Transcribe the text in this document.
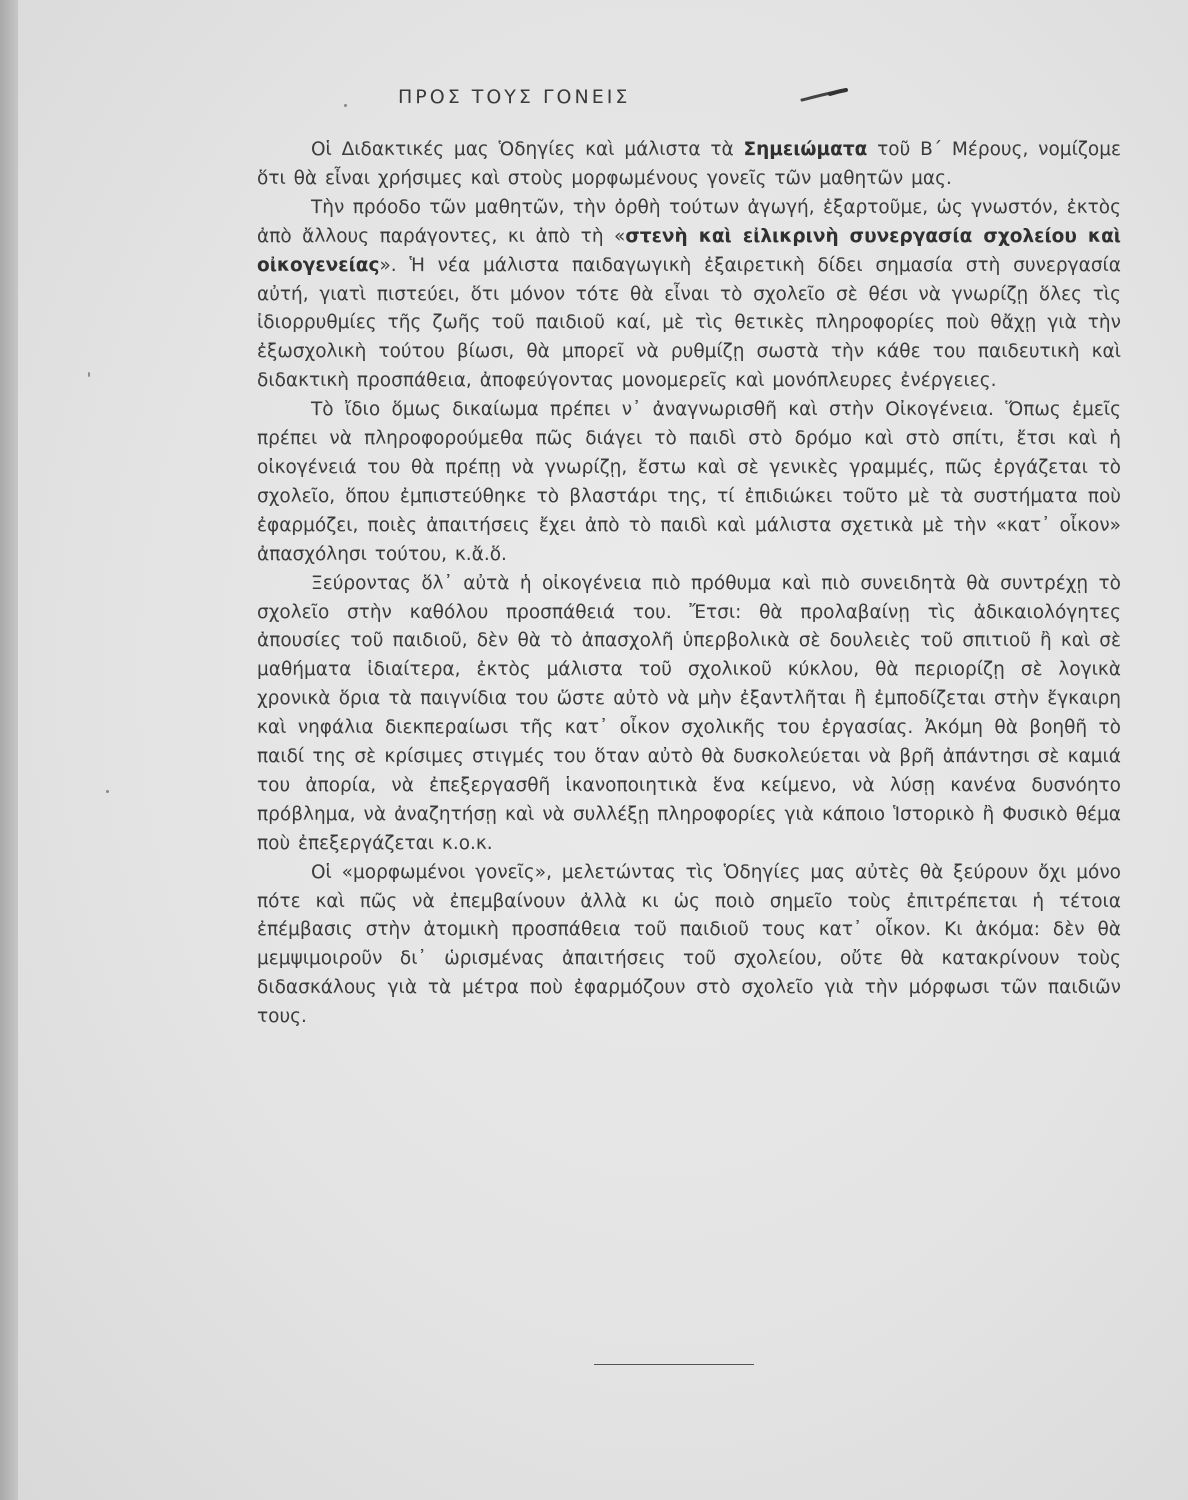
ΠΡΟΣ ΤΟΥΣ ΓΟΝΕΙΣ

Οἱ Διδακτικές μας Ὁδηγίες καὶ μάλιστα τὰ Σημειώματα τοῦ Β΄ Μέρους, νομίζομε ὅτι θὰ εἶναι χρήσιμες καὶ στοὺς μορφωμένους γονεῖς τῶν μαθητῶν μας.

Τὴν πρόοδο τῶν μαθητῶν, τὴν ὀρθὴ τούτων ἀγωγή, ἐξαρτοῦμε, ὡς γνωστόν, ἐκτὸς ἀπὸ ἄλλους παράγοντες, κι ἀπὸ τὴ «στενὴ καὶ εἰλικρινὴ συνεργασία σχολείου καὶ οἰκογενείας». Ἡ νέα μάλιστα παιδαγωγικὴ ἐξαιρετικὴ δίδει σημασία στὴ συνεργασία αὐτή, γιατὶ πιστεύει, ὅτι μόνον τότε θὰ εἶναι τὸ σχολεῖο σὲ θέσι νὰ γνωρίζῃ ὅλες τὶς ἰδιορρυθμίες τῆς ζωῆς τοῦ παιδιοῦ καί, μὲ τὶς θετικὲς πληροφορίες ποὺ θἄχῃ γιὰ τὴν ἐξωσχολικὴ τούτου βίωσι, θὰ μπορεῖ νὰ ρυθμίζῃ σωστὰ τὴν κάθε του παιδευτικὴ καὶ διδακτικὴ προσπάθεια, ἀποφεύγοντας μονομερεῖς καὶ μονόπλευρες ἐνέργειες.

Τὸ ἴδιο ὅμως δικαίωμα πρέπει ν᾽ ἀναγνωρισθῆ καὶ στὴν Οἰκογένεια. Ὅπως ἐμεῖς πρέπει νὰ πληροφορούμεθα πῶς διάγει τὸ παιδὶ στὸ δρόμο καὶ στὸ σπίτι, ἔτσι καὶ ἡ οἰκογένειά του θὰ πρέπῃ νὰ γνωρίζῃ, ἔστω καὶ σὲ γενικὲς γραμμές, πῶς ἐργάζεται τὸ σχολεῖο, ὅπου ἐμπιστεύθηκε τὸ βλαστάρι της, τί ἐπιδιώκει τοῦτο μὲ τὰ συστήματα ποὺ ἐφαρμόζει, ποιὲς ἀπαιτήσεις ἔχει ἀπὸ τὸ παιδὶ καὶ μάλιστα σχετικὰ μὲ τὴν «κατ᾽ οἶκον» ἀπασχόλησι τούτου, κ.ἄ.ὅ.

Ξεύροντας ὅλ᾽ αὐτὰ ἡ οἰκογένεια πιὸ πρόθυμα καὶ πιὸ συνειδητὰ θὰ συντρέχῃ τὸ σχολεῖο στὴν καθόλου προσπάθειά του. Ἔτσι: θὰ προλαβαίνῃ τὶς ἀδικαιολόγητες ἀπουσίες τοῦ παιδιοῦ, δὲν θὰ τὸ ἀπασχολῆ ὑπερβολικὰ σὲ δουλειὲς τοῦ σπιτιοῦ ἢ καὶ σὲ μαθήματα ἰδιαίτερα, ἐκτὸς μάλιστα τοῦ σχολικοῦ κύκλου, θὰ περιορίζῃ σὲ λογικὰ χρονικὰ ὅρια τὰ παιγνίδια του ὥστε αὐτὸ νὰ μὴν ἐξαντλῆται ἢ ἐμποδίζεται στὴν ἔγκαιρη καὶ νηφάλια διεκπεραίωσι τῆς κατ᾽ οἶκον σχολικῆς του ἐργασίας. Ἀκόμη θὰ βοηθῆ τὸ παιδί της σὲ κρίσιμες στιγμές του ὅταν αὐτὸ θὰ δυσκολεύεται νὰ βρῆ ἀπάντησι σὲ καμιά του ἀπορία, νὰ ἐπεξεργασθῆ ἱκανοποιητικὰ ἕνα κείμενο, νὰ λύσῃ κανένα δυσνόητο πρόβλημα, νὰ ἀναζητήσῃ καὶ νὰ συλλέξῃ πληροφορίες γιὰ κάποιο Ἱστορικὸ ἢ Φυσικὸ θέμα ποὺ ἐπεξεργάζεται κ.ο.κ.

Οἱ «μορφωμένοι γονεῖς», μελετώντας τὶς Ὁδηγίες μας αὐτὲς θὰ ξεύρουν ὄχι μόνο πότε καὶ πῶς νὰ ἐπεμβαίνουν ἀλλὰ κι ὡς ποιὸ σημεῖο τοὺς ἐπιτρέπεται ἡ τέτοια ἐπέμβασις στὴν ἀτομικὴ προσπάθεια τοῦ παιδιοῦ τους κατ᾽ οἶκον. Κι ἀκόμα: δὲν θὰ μεμψιμοιροῦν δι᾽ ὡρισμένας ἀπαιτήσεις τοῦ σχολείου, οὔτε θὰ κατακρίνουν τοὺς διδασκάλους γιὰ τὰ μέτρα ποὺ ἐφαρμόζουν στὸ σχολεῖο γιὰ τὴν μόρφωσι τῶν παιδιῶν τους.
